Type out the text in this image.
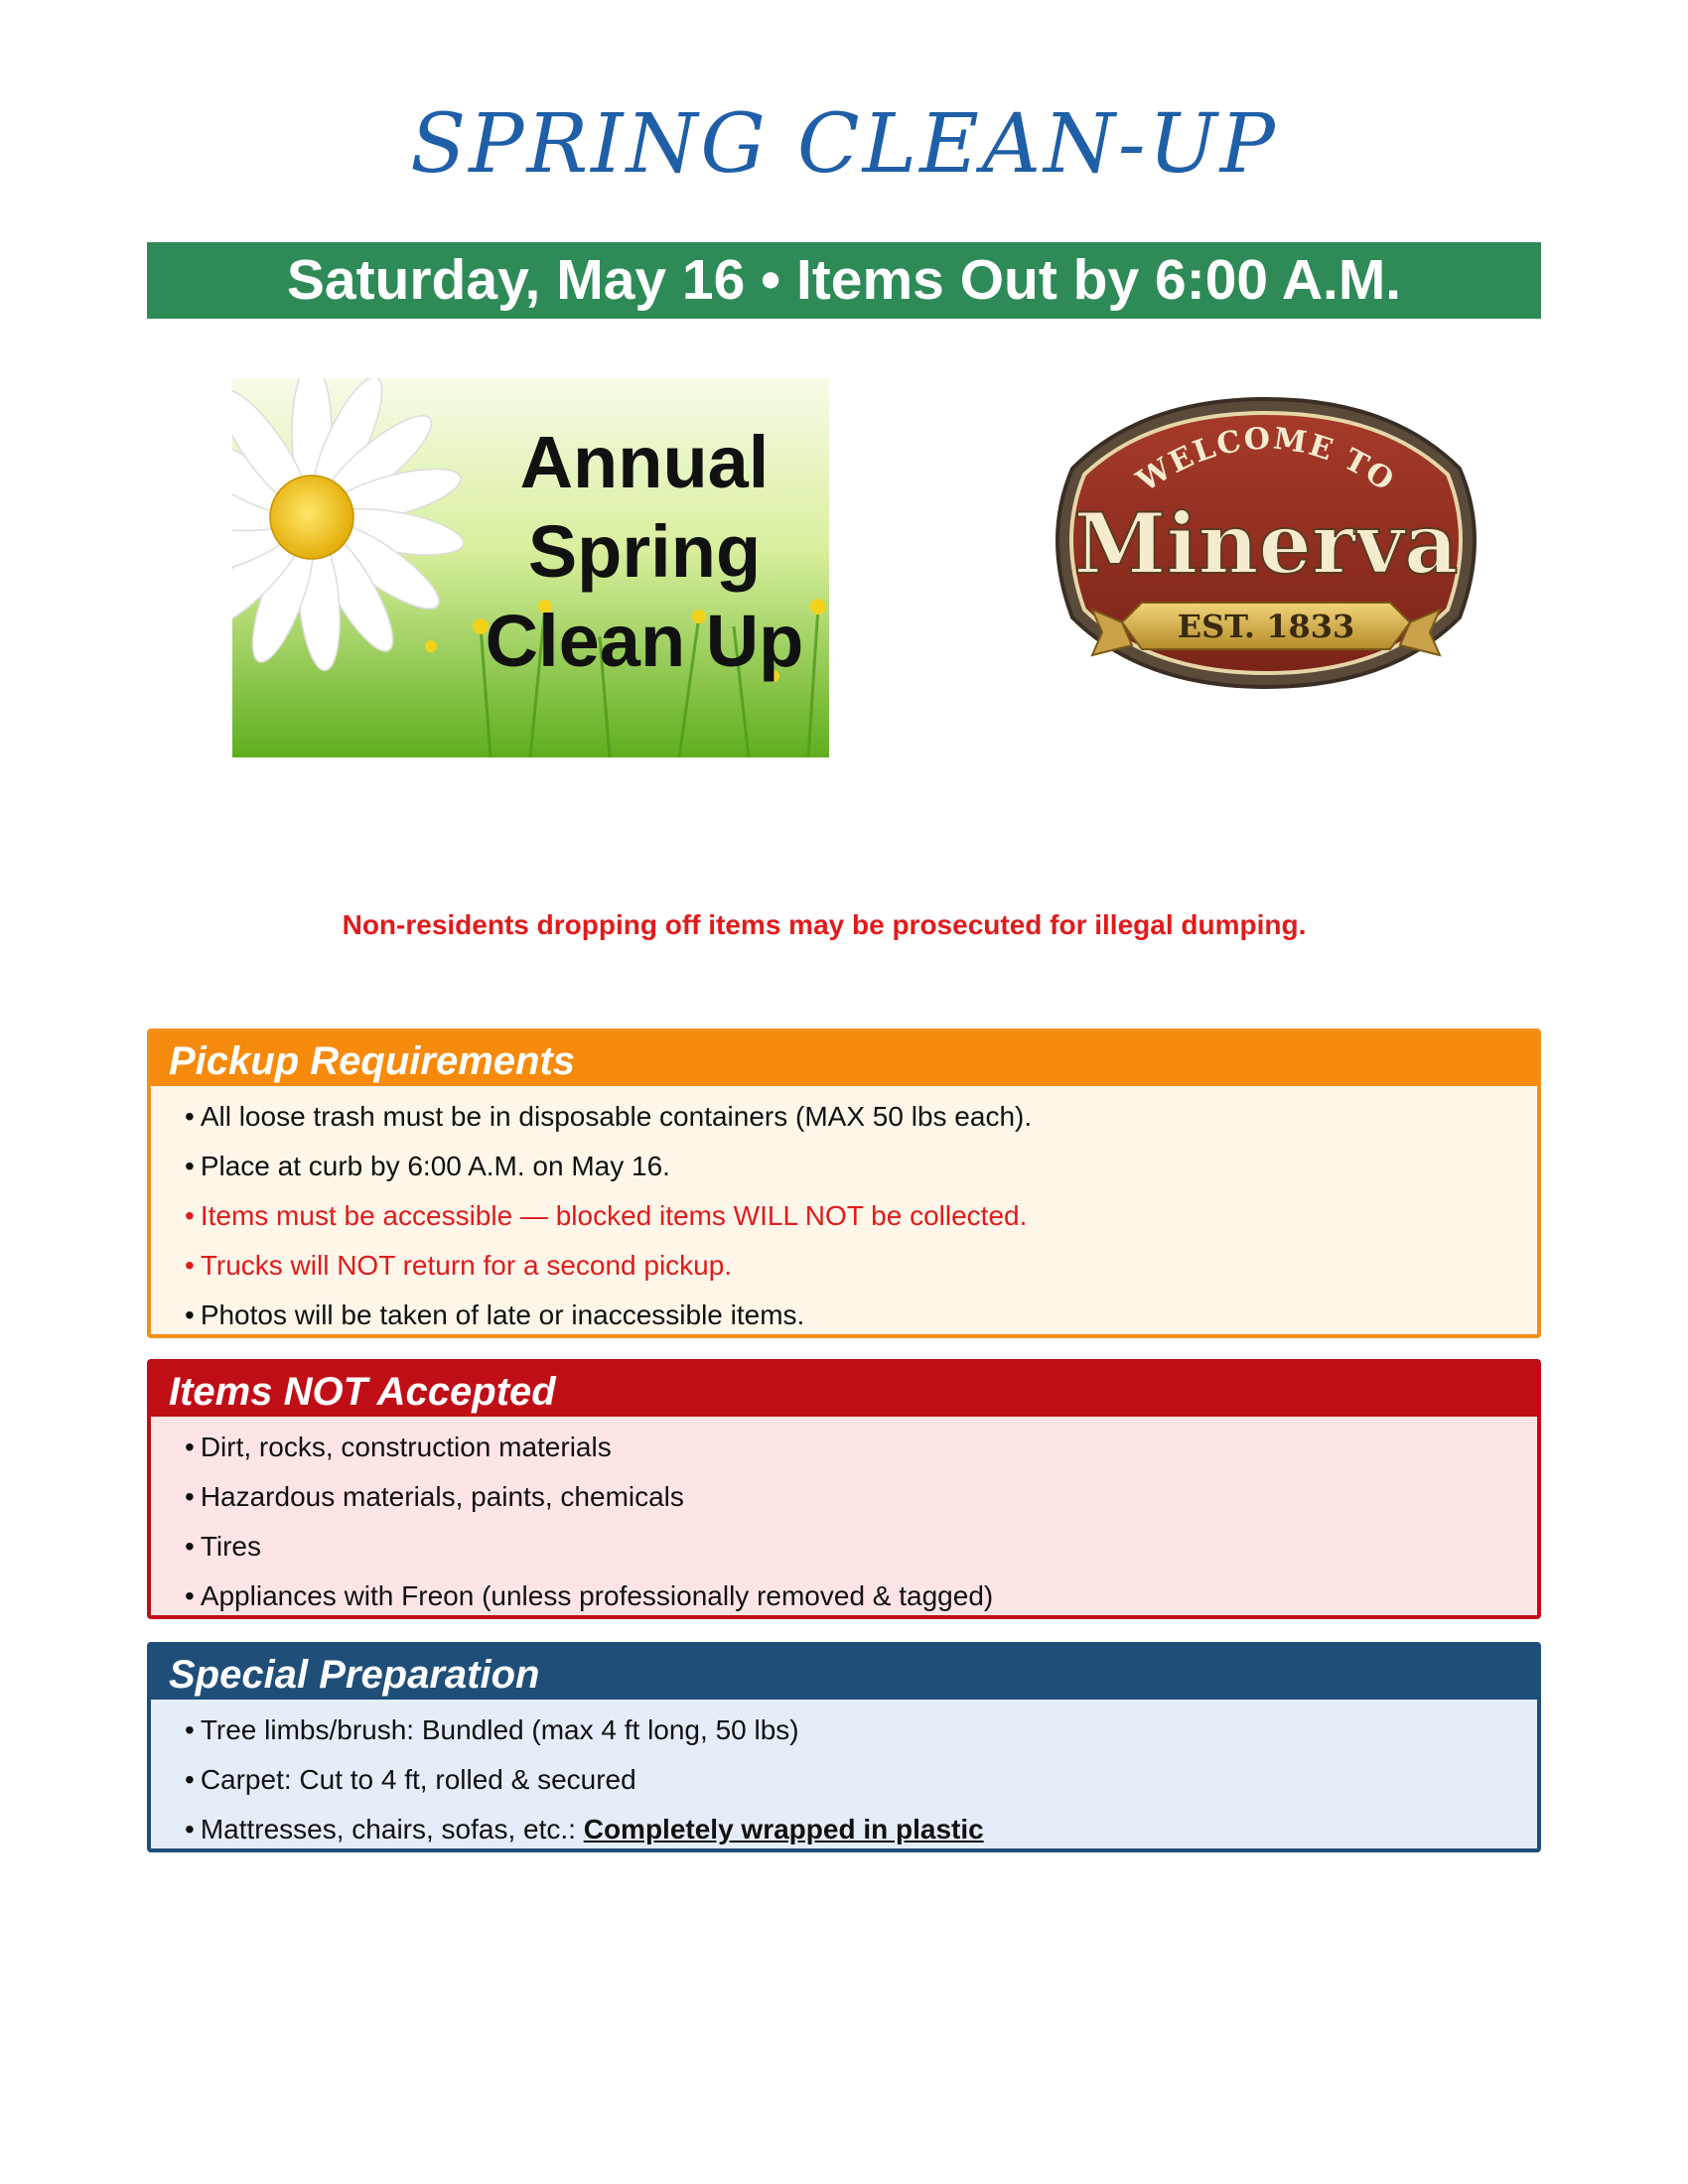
SPRING CLEAN-UP
Saturday, May 16 • Items Out by 6:00 A.M.
Annual
Spring
Clean Up
WELCOME TO
Minerva
EST. 1833
Non-residents dropping off items may be prosecuted for illegal dumping.
Pickup Requirements
• All loose trash must be in disposable containers (MAX 50 lbs each).
• Place at curb by 6:00 A.M. on May 16.
• Items must be accessible — blocked items WILL NOT be collected.
• Trucks will NOT return for a second pickup.
• Photos will be taken of late or inaccessible items.
Items NOT Accepted
• Dirt, rocks, construction materials
• Hazardous materials, paints, chemicals
• Tires
• Appliances with Freon (unless professionally removed & tagged)
Special Preparation
• Tree limbs/brush: Bundled (max 4 ft long, 50 lbs)
• Carpet: Cut to 4 ft, rolled & secured
• Mattresses, chairs, sofas, etc.: Completely wrapped in plastic
